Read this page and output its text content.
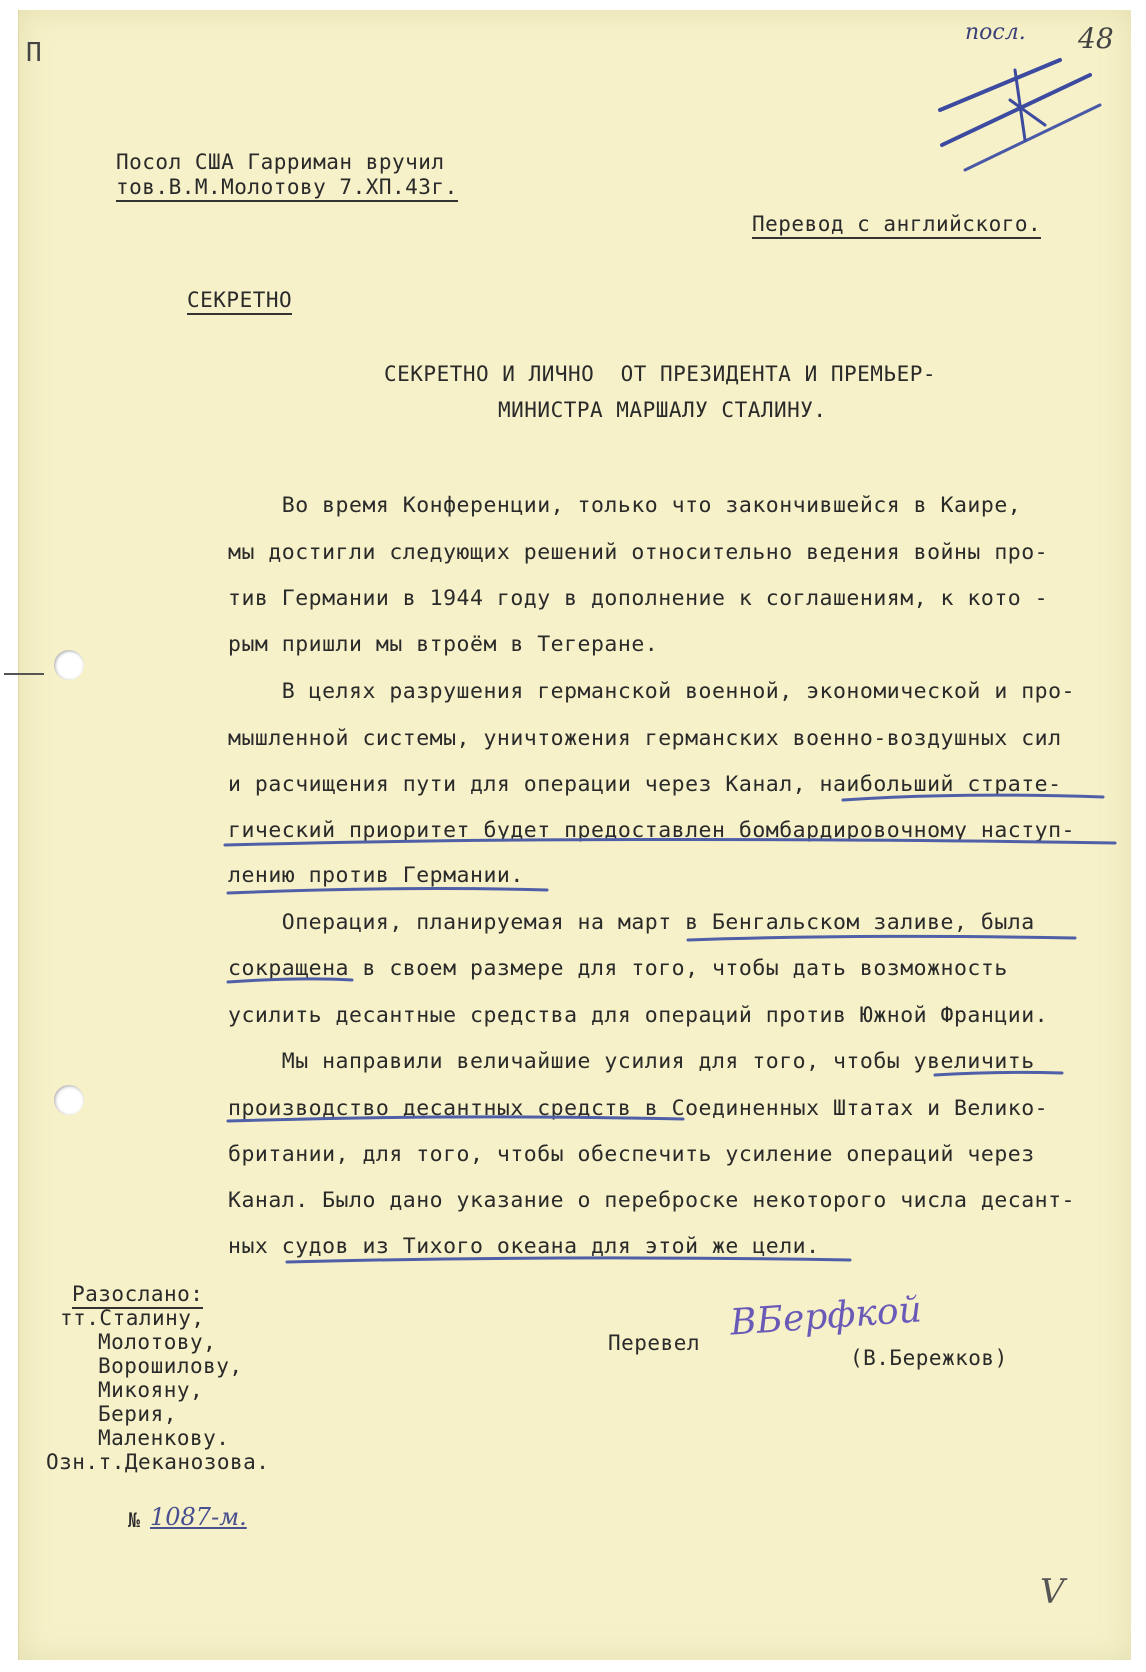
П
посл. 48
Посол США Гарриман вручил
тов.В.М.Молотову 7.XП.43г.
Перевод с английского.
СЕКРЕТНО
СЕКРЕТНО И ЛИЧНО  ОТ ПРЕЗИДЕНТА И ПРЕМЬЕР-
МИНИСТРА МАРШАЛУ СТАЛИНУ.
Во время Конференции, только что закончившейся в Каире,
мы достигли следующих решений относительно ведения войны про-
тив Германии в 1944 году в дополнение к соглашениям, к кото -
рым пришли мы втроём в Тегеране.
В целях разрушения германской военной, экономической и про-
мышленной системы, уничтожения германских военно-воздушных сил
и расчищения пути для операции через Канал, наибольший страте-
гический приоритет будет предоставлен бомбардировочному наступ-
лению против Германии.
Операция, планируемая на март в Бенгальском заливе, была
сокращена в своем размере для того, чтобы дать возможность
усилить десантные средства для операций против Южной Франции.
Мы направили величайшие усилия для того, чтобы увеличить
производство десантных средств в Соединенных Штатах и Велико-
британии, для того, чтобы обеспечить усиление операций через
Канал. Было дано указание о переброске некоторого числа десант-
ных судов из Тихого океана для этой же цели.
Разослано:
тт.Сталину,
Молотову,
Ворошилову,
Микояну,
Берия,
Маленкову.
Озн.т.Деканозова.
Перевел ВБерфкой
(В.Бережков)
№ 1087-м.
V
